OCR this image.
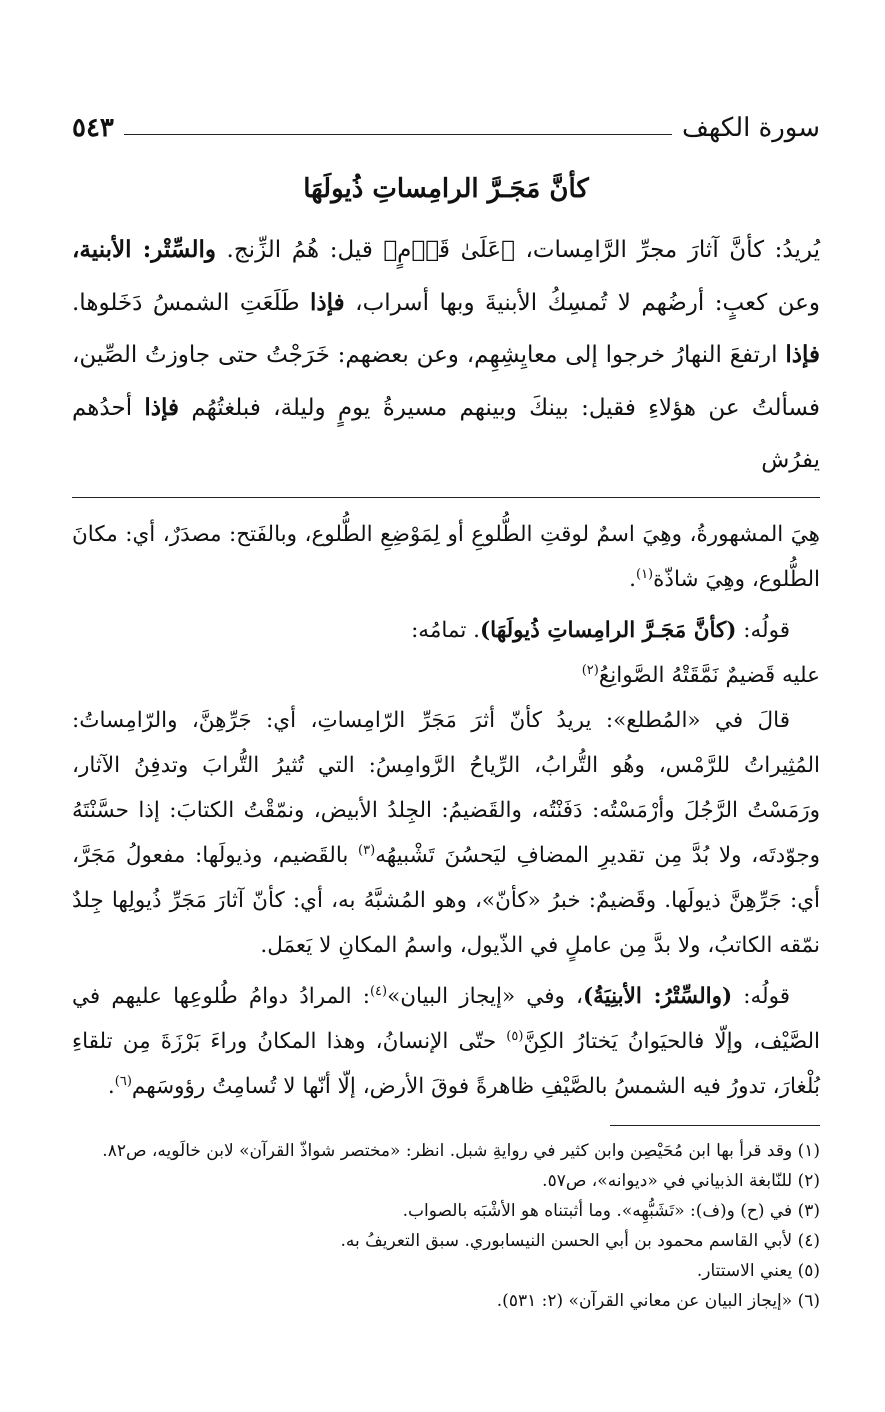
سورة الكهف
٥٤٣
كأنَّ مَجَـرَّ الرامِساتِ ذُيولَهَا

يُريدُ: كأنَّ آثارَ مجرِّ الرَّامِسات، ﴿عَلَىٰ قَوۡمٍ﴾ قيل: هُمُ الزِّنج. والسِّتْر: الأبنية، وعن كعبٍ: أرضُهم لا تُمسِكُ الأبنيةَ وبها أسراب، فإذا طَلَعَتِ الشمسُ دَخَلوها. فإذا ارتفعَ النهارُ خرجوا إلى معايِشِهِم، وعن بعضهم: خَرَجْتُ حتى جاوزتُ الصِّين، فسألتُ عن هؤلاءِ فقيل: بينكَ وبينهم مسيرةُ يومٍ وليلة، فبلغتُهُم فإذا أحدُهم يفرُش

هِيَ المشهورةُ، وهِيَ اسمٌ لوقتِ الطُّلوعِ أو لِمَوْضِعِ الطُّلوع، وبالفَتح: مصدَرٌ، أي: مكانَ الطُّلوع، وهِيَ شاذّة$^{(١)}$.

قولُه: (كأنَّ مَجَـرَّ الرامِساتِ ذُيولَهَا). تمامُه:

عليه قَضيمٌ نَمَّقَتْهُ الصَّوانِعُ$^{(٢)}$

قالَ في «المُطلع»: يريدُ كأنّ أثرَ مَجَرِّ الرّامِساتِ، أي: جَرِّهِنَّ، والرّامِساتُ: المُثِيراتُ للرَّمْس، وهُو التُّرابُ، الرِّياحُ الرَّوامِسُ: التي تُثيرُ التُّرابَ وتدفِنُ الآثار، ورَمَسْتُ الرَّجُلَ وأرْمَسْتُه: دَفَنْتُه، والقَضيمُ: الجِلدُ الأبيض، ونمّقْتُ الكتابَ: إذا حسَّنْتَهُ وجوّدتَه، ولا بُدَّ مِن تقديرِ المضافِ ليَحسُنَ تَشْبيهُه$^{(٣)}$ بالقَضيم، وذيولَها: مفعولُ مَجَرَّ، أي: جَرِّهِنَّ ذيولَها. وقَضيمٌ: خبرُ «كأنّ»، وهو المُشبَّهُ به، أي: كأنّ آثارَ مَجَرِّ ذُيولِها جِلدٌ نمّقه الكاتبُ، ولا بدَّ مِن عاملٍ في الذّيول، واسمُ المكانِ لا يَعمَل.

قولُه: (والسِّتْرُ: الأبنِيَةُ)، وفي «إيجاز البيان»$^{(٤)}$: المرادُ دوامُ طُلوعِها عليهم في الصَّيْف، وإلّا فالحيَوانُ يَختارُ الكِنَّ$^{(٥)}$ حتّى الإنسانُ، وهذا المكانُ وراءَ بَرْزَةَ مِن تلقاءِ بُلْغارَ، تدورُ فيه الشمسُ بالصَّيْفِ ظاهرةً فوقَ الأرض، إلّا أنّها لا تُسامِتُ رؤوسَهم$^{(٦)}$.

(١) وقد قرأ بها ابن مُحَيْصِن وابن كثير في روايةِ شبل. انظر: «مختصر شواذّ القرآن» لابن خالَويه، ص٨٢.
(٢) للنّابغة الذبياني في «ديوانه»، ص٥٧.
(٣) في (ح) و(ف): «تَشَبُّهِه». وما أثبتناه هو الأشْبَه بالصواب.
(٤) لأبي القاسم محمود بن أبي الحسن النيسابوري. سبق التعريفُ به.
(٥) يعني الاستتار.
(٦) «إيجاز البيان عن معاني القرآن» (٢: ٥٣١).
